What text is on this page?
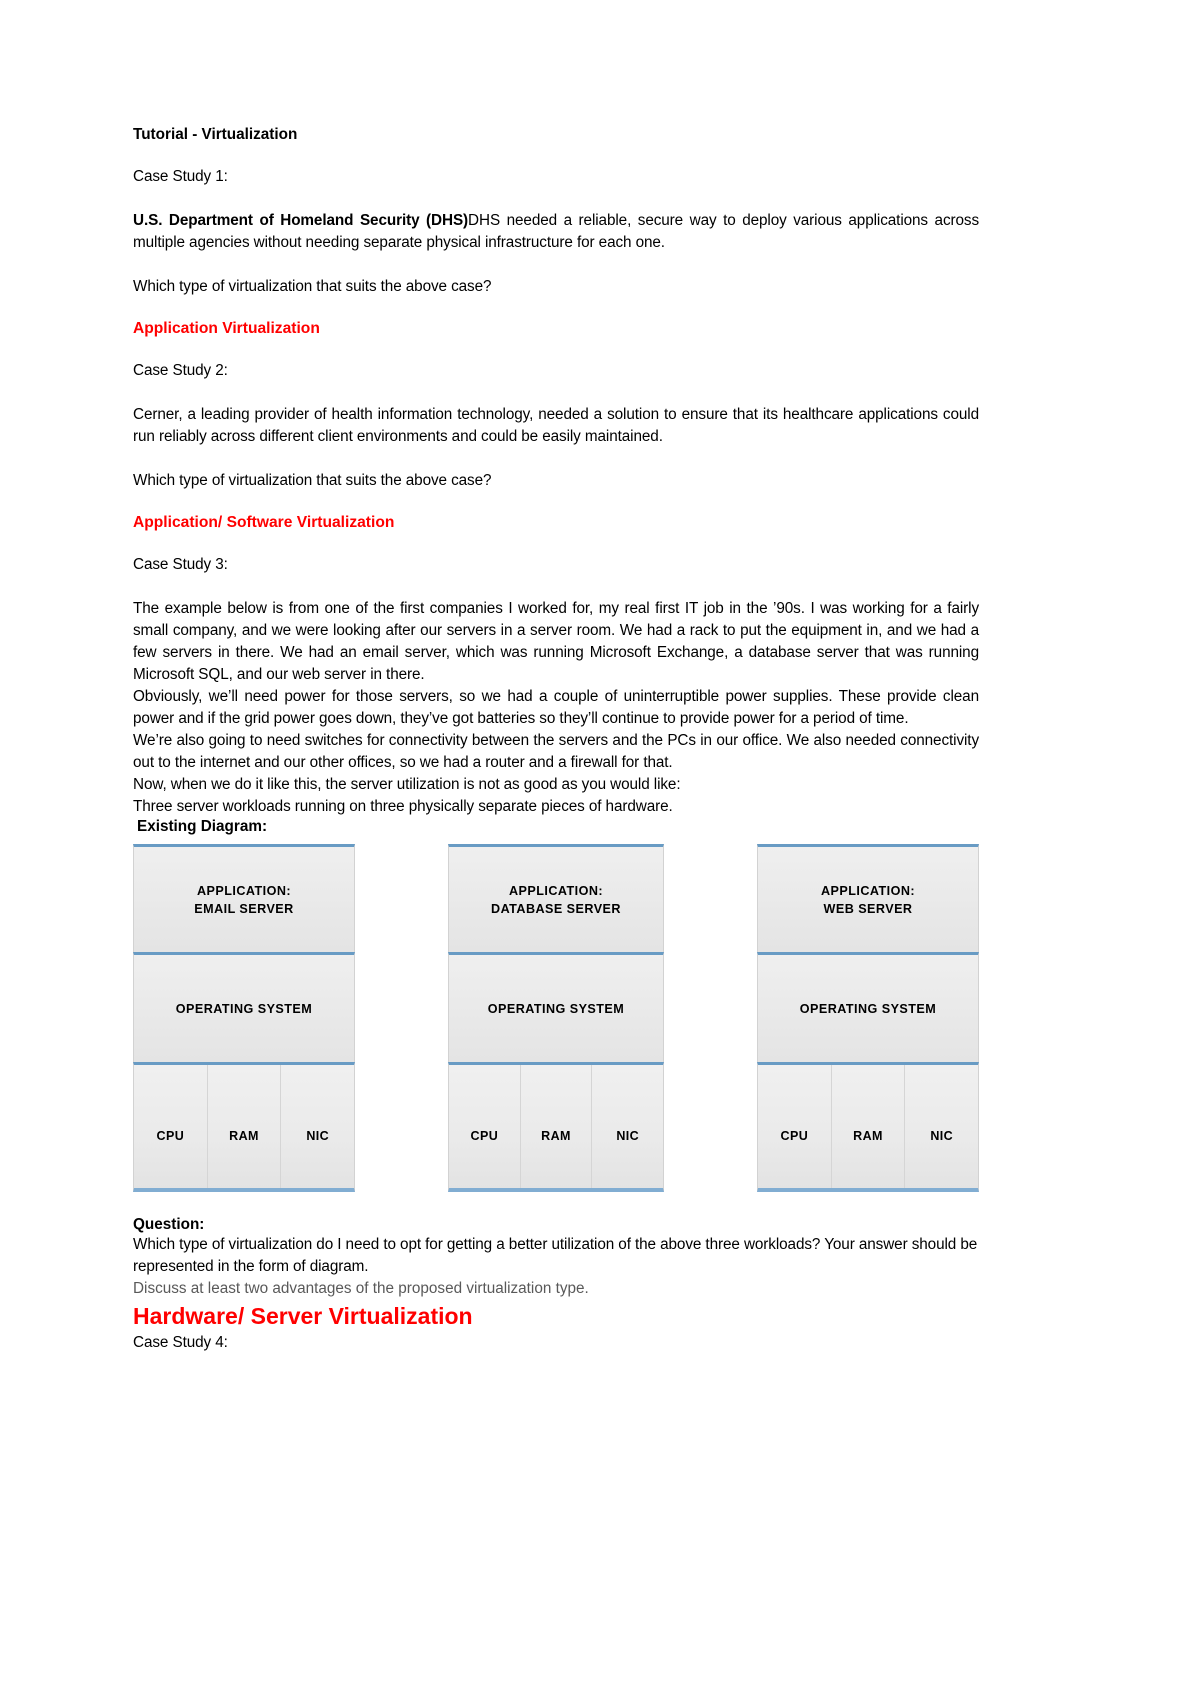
Tutorial - Virtualization

Case Study 1:

U.S. Department of Homeland Security (DHS)DHS needed a reliable, secure way to deploy various applications across multiple agencies without needing separate physical infrastructure for each one.

Which type of virtualization that suits the above case?

Application Virtualization

Case Study 2:

Cerner, a leading provider of health information technology, needed a solution to ensure that its healthcare applications could run reliably across different client environments and could be easily maintained.

Which type of virtualization that suits the above case?

Application/ Software Virtualization

Case Study 3:

The example below is from one of the first companies I worked for, my real first IT job in the ’90s. I was working for a fairly small company, and we were looking after our servers in a server room. We had a rack to put the equipment in, and we had a few servers in there. We had an email server, which was running Microsoft Exchange, a database server that was running Microsoft SQL, and our web server in there.

Obviously, we’ll need power for those servers, so we had a couple of uninterruptible power supplies. These provide clean power and if the grid power goes down, they’ve got batteries so they’ll continue to provide power for a period of time.

We’re also going to need switches for connectivity between the servers and the PCs in our office. We also needed connectivity out to the internet and our other offices, so we had a router and a firewall for that.

Now, when we do it like this, the server utilization is not as good as you would like:

Three server workloads running on three physically separate pieces of hardware.

Existing Diagram:

APPLICATION:
EMAIL SERVER
OPERATING SYSTEM
CPU	RAM	NIC
APPLICATION:
DATABASE SERVER
OPERATING SYSTEM
CPU	RAM	NIC
APPLICATION:
WEB SERVER
OPERATING SYSTEM
CPU	RAM	NIC

Question:

Which type of virtualization do I need to opt for getting a better utilization of the above three workloads? Your answer should be represented in the form of diagram.

Discuss at least two advantages of the proposed virtualization type.

Hardware/ Server Virtualization

Case Study 4:
